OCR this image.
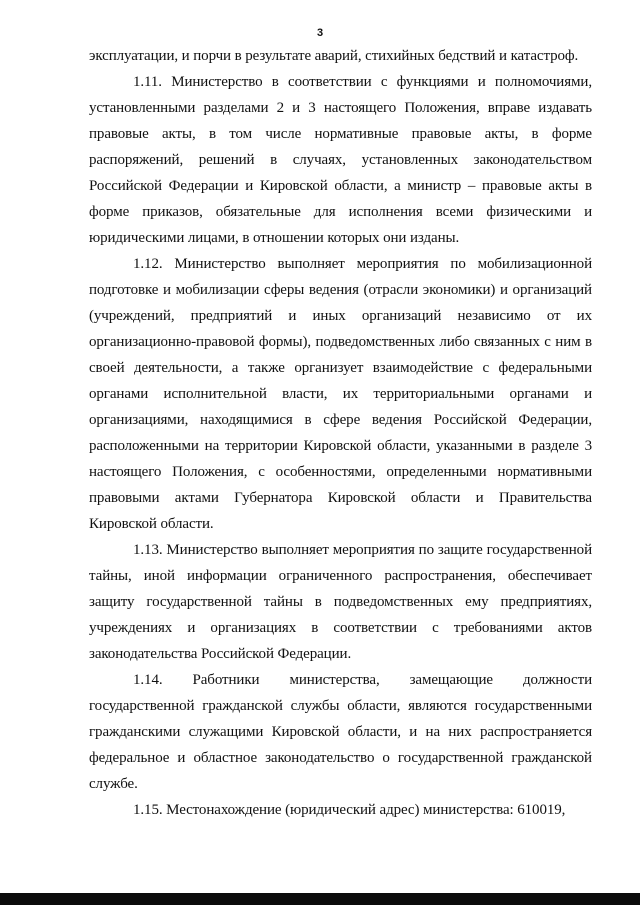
3

эксплуатации, и порчи в результате аварий, стихийных бедствий и катастроф.

1.11. Министерство в соответствии с функциями и полномочиями, установленными разделами 2 и 3 настоящего Положения, вправе издавать правовые акты, в том числе нормативные правовые акты, в форме распоряжений, решений в случаях, установленных законодательством Российской Федерации и Кировской области, а министр – правовые акты в форме приказов, обязательные для исполнения всеми физическими и юридическими лицами, в отношении которых они изданы.

1.12. Министерство выполняет мероприятия по мобилизационной подготовке и мобилизации сферы ведения (отрасли экономики) и организаций (учреждений, предприятий и иных организаций независимо от их организационно-правовой формы), подведомственных либо связанных с ним в своей деятельности, а также организует взаимодействие с федеральными органами исполнительной власти, их территориальными органами и организациями, находящимися в сфере ведения Российской Федерации, расположенными на территории Кировской области, указанными в разделе 3 настоящего Положения, с особенностями, определенными нормативными правовыми актами Губернатора Кировской области и Правительства Кировской области.

1.13. Министерство выполняет мероприятия по защите государственной тайны, иной информации ограниченного распространения, обеспечивает защиту государственной тайны в подведомственных ему предприятиях, учреждениях и организациях в соответствии с требованиями актов законодательства Российской Федерации.

1.14. Работники министерства, замещающие должности государственной гражданской службы области, являются государственными гражданскими служащими Кировской области, и на них распространяется федеральное и областное законодательство о государственной гражданской службе.

1.15. Местонахождение (юридический адрес) министерства: 610019,
